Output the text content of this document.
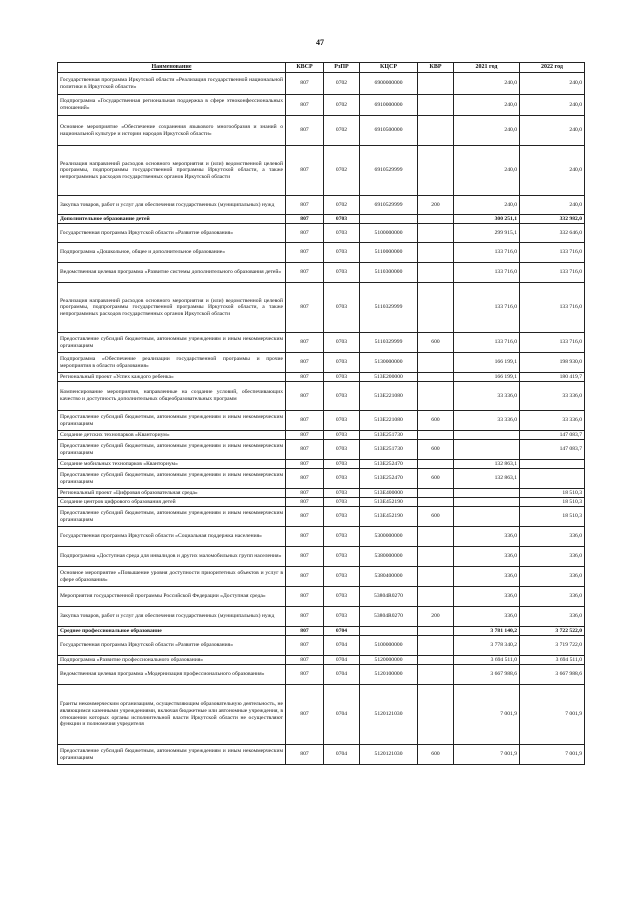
47
Наименование	КВСР	РзПР	КЦСР	КВР	2021 год	2022 год
Государственная программа Иркутской области «Реализация государственной национальной политики в Иркутской области»	807	0702	6900000000		240,0	240,0
Подпрограмма «Государственная региональная поддержка в сфере этноконфессиональных отношений»	807	0702	6910000000		240,0	240,0
Основное мероприятие «Обеспечение сохранения языкового многообразия и знаний о национальной культуре и истории народов Иркутской области»	807	0702	6910500000		240,0	240,0
Реализация направлений расходов основного мероприятия и (или) ведомственной целевой программы, подпрограммы государственной программы Иркутской области, а также непрограммных расходов государственных органов Иркутской области	807	0702	6910529999		240,0	240,0
Закупка товаров, работ и услуг для обеспечения государственных (муниципальных) нужд	807	0702	6910529999	200	240,0	240,0
Дополнительное образование детей	807	0703			300 251,1	332 982,0
Государственная программа Иркутской области «Развитие образования»	807	0703	5100000000		299 915,1	332 646,0
Подпрограмма «Дошкольное, общее и дополнительное образование»	807	0703	5110000000		133 716,0	133 716,0
Ведомственная целевая программа «Развитие системы дополнительного образования детей»	807	0703	5110300000		133 716,0	133 716,0
Реализация направлений расходов основного мероприятия и (или) ведомственной целевой программы, подпрограммы государственной программы Иркутской области, а также непрограммных расходов государственных органов Иркутской области	807	0703	5110329999		133 716,0	133 716,0
Предоставление субсидий бюджетным, автономным учреждениям и иным некоммерческим организациям	807	0703	5110329999	600	133 716,0	133 716,0
Подпрограмма «Обеспечение реализации государственной программы и прочие мероприятия в области образования»	807	0703	5130000000		166 199,1	198 930,0
Региональный проект «Успех каждого ребенка»	807	0703	513E200000		166 199,1	180 419,7
Компенсирование мероприятия, направленные на создание условий, обеспечивающих качество и доступность дополнительных общеобразовательных программ	807	0703	513E221080		33 336,0	33 336,0
Предоставление субсидий бюджетным, автономным учреждениям и иным некоммерческим организациям	807	0703	513E221080	600	33 336,0	33 336,0
Создание детских технопарков «Кванториум»	807	0703	513E251730			147 083,7
Предоставление субсидий бюджетным, автономным учреждениям и иным некоммерческим организациям	807	0703	513E251730	600		147 083,7
Создание мобильных технопарков «Кванториум»	807	0703	513E252470		132 863,1	
Предоставление субсидий бюджетным, автономным учреждениям и иным некоммерческим организациям	807	0703	513E252470	600	132 863,1	
Региональный проект «Цифровая образовательная среда»	807	0703	513E400000			18 510,3
Создание центров цифрового образования детей	807	0703	513E452190			18 510,3
Предоставление субсидий бюджетным, автономным учреждениям и иным некоммерческим организациям	807	0703	513E452190	600		18 510,3
Государственная программа Иркутской области «Социальная поддержка населения»	807	0703	5300000000		336,0	336,0
Подпрограмма «Доступная среда для инвалидов и других маломобильных групп населения»	807	0703	5380000000		336,0	336,0
Основное мероприятие «Повышение уровня доступности приоритетных объектов и услуг в сфере образования»	807	0703	5380400000		336,0	336,0
Мероприятия государственной программы Российской Федерации «Доступная среда»	807	0703	53804R0270		336,0	336,0
Закупка товаров, работ и услуг для обеспечения государственных (муниципальных) нужд	807	0703	53804R0270	200	336,0	336,0
Среднее профессиональное образование	807	0704			3 781 140,2	3 722 522,0
Государственная программа Иркутской области «Развитие образования»	807	0704	5100000000		3 778 340,2	3 719 722,0
Подпрограмма «Развитие профессионального образования»	807	0704	5120000000		3 694 511,0	3 694 511,0
Ведомственная целевая программа «Модернизация профессионального образования»	807	0704	5120100000		3 667 988,6	3 667 988,6
Гранты некоммерческим организациям, осуществляющим образовательную деятельность, не являющимся казенными учреждениями, включая бюджетные или автономные учреждения, в отношении которых органы исполнительной власти Иркутской области не осуществляют функции и полномочия учредителя	807	0704	5120121030		7 001,9	7 001,9
Предоставление субсидий бюджетным, автономным учреждениям и иным некоммерческим организациям	807	0704	5120121030	600	7 001,9	7 001,9
